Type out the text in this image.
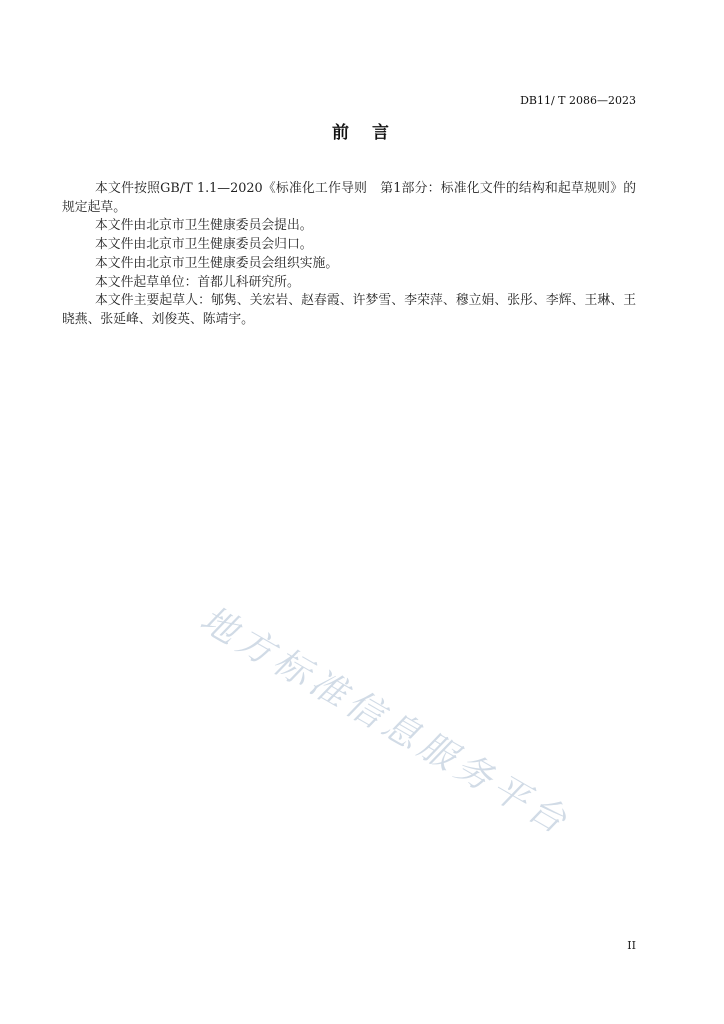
DB11/ T 2086—2023
前　言

本文件按照GB/T 1.1—2020《标准化工作导则　第1部分：标准化文件的结构和起草规则》的规定起草。

本文件由北京市卫生健康委员会提出。

本文件由北京市卫生健康委员会归口。

本文件由北京市卫生健康委员会组织实施。

本文件起草单位：首都儿科研究所。

本文件主要起草人：郇隽、关宏岩、赵春霞、许梦雪、李荣萍、穆立娟、张彤、李辉、王琳、王晓燕、张延峰、刘俊英、陈靖宇。

地方标准信息服务平台
II
